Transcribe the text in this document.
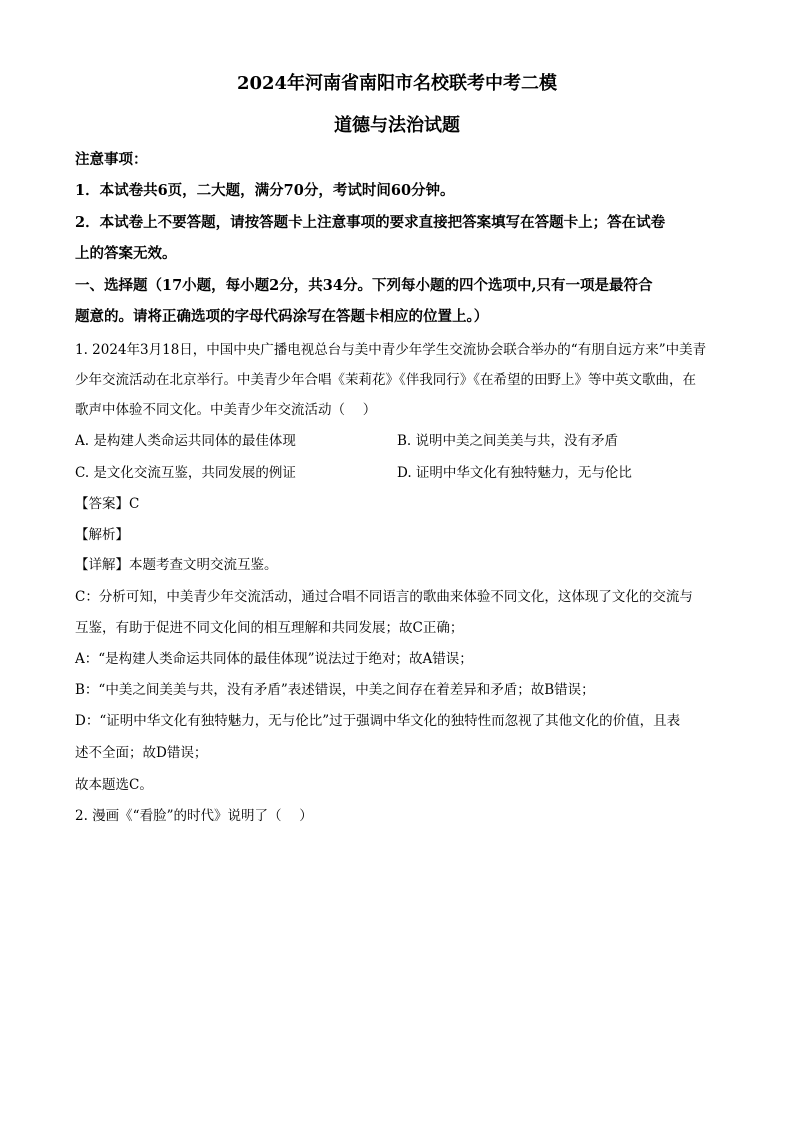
2024年河南省南阳市名校联考中考二模
道德与法治试题
注意事项：
1．本试卷共6页，二大题，满分70分，考试时间60分钟。
2．本试卷上不要答题，请按答题卡上注意事项的要求直接把答案填写在答题卡上；答在试卷
上的答案无效。
一、选择题（17小题，每小题2分，共34分。下列每小题的四个选项中,只有一项是最符合
题意的。请将正确选项的字母代码涂写在答题卡相应的位置上。）
1. 2024年3月18日，中国中央广播电视总台与美中青少年学生交流协会联合举办的“有朋自远方来”中美青
少年交流活动在北京举行。中美青少年合唱《茉莉花》《伴我同行》《在希望的田野上》等中英文歌曲，在
歌声中体验不同文化。中美青少年交流活动（　 ）
A. 是构建人类命运共同体的最佳体现	B. 说明中美之间美美与共，没有矛盾
C. 是文化交流互鉴，共同发展的例证	D. 证明中华文化有独特魅力，无与伦比
【答案】C
【解析】
【详解】本题考查文明交流互鉴。
C：分析可知，中美青少年交流活动，通过合唱不同语言的歌曲来体验不同文化，这体现了文化的交流与
互鉴，有助于促进不同文化间的相互理解和共同发展；故C正确；
A：“是构建人类命运共同体的最佳体现”说法过于绝对；故A错误；
B：“中美之间美美与共，没有矛盾”表述错误，中美之间存在着差异和矛盾；故B错误；
D：“证明中华文化有独特魅力，无与伦比”过于强调中华文化的独特性而忽视了其他文化的价值，且表
述不全面；故D错误；
故本题选C。
2. 漫画《“看脸”的时代》说明了（　 ）
